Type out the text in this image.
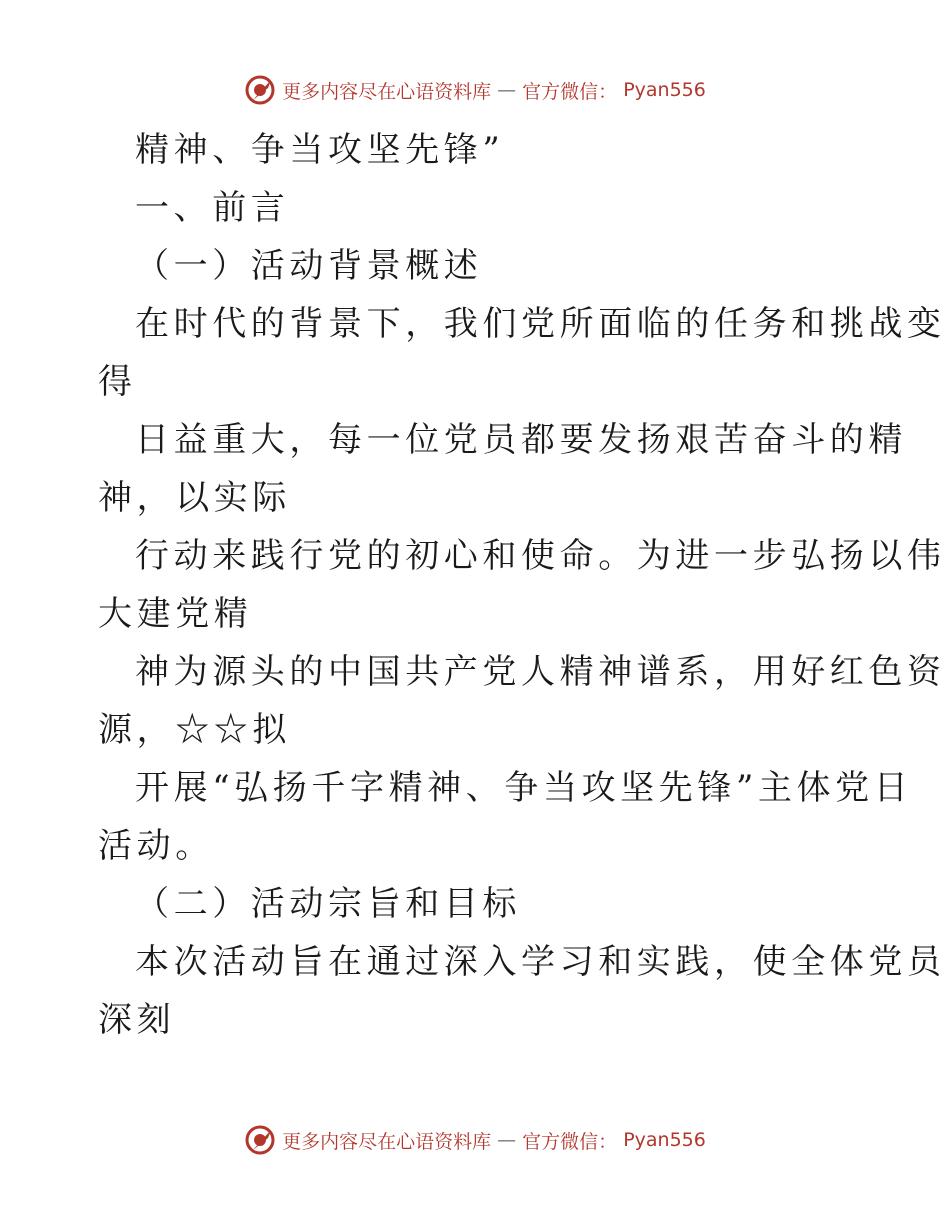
更多内容尽在心语资料库 — 官方微信： Pyan556
精神、争当攻坚先锋”
一、前言
（一）活动背景概述
在时代的背景下，我们党所面临的任务和挑战变
得
日益重大，每一位党员都要发扬艰苦奋斗的精
神，以实际
行动来践行党的初心和使命。为进一步弘扬以伟
大建党精
神为源头的中国共产党人精神谱系，用好红色资
源，☆☆拟
开展“弘扬千字精神、争当攻坚先锋”主体党日
活动。
（二）活动宗旨和目标
本次活动旨在通过深入学习和实践，使全体党员
深刻
更多内容尽在心语资料库 — 官方微信： Pyan556
